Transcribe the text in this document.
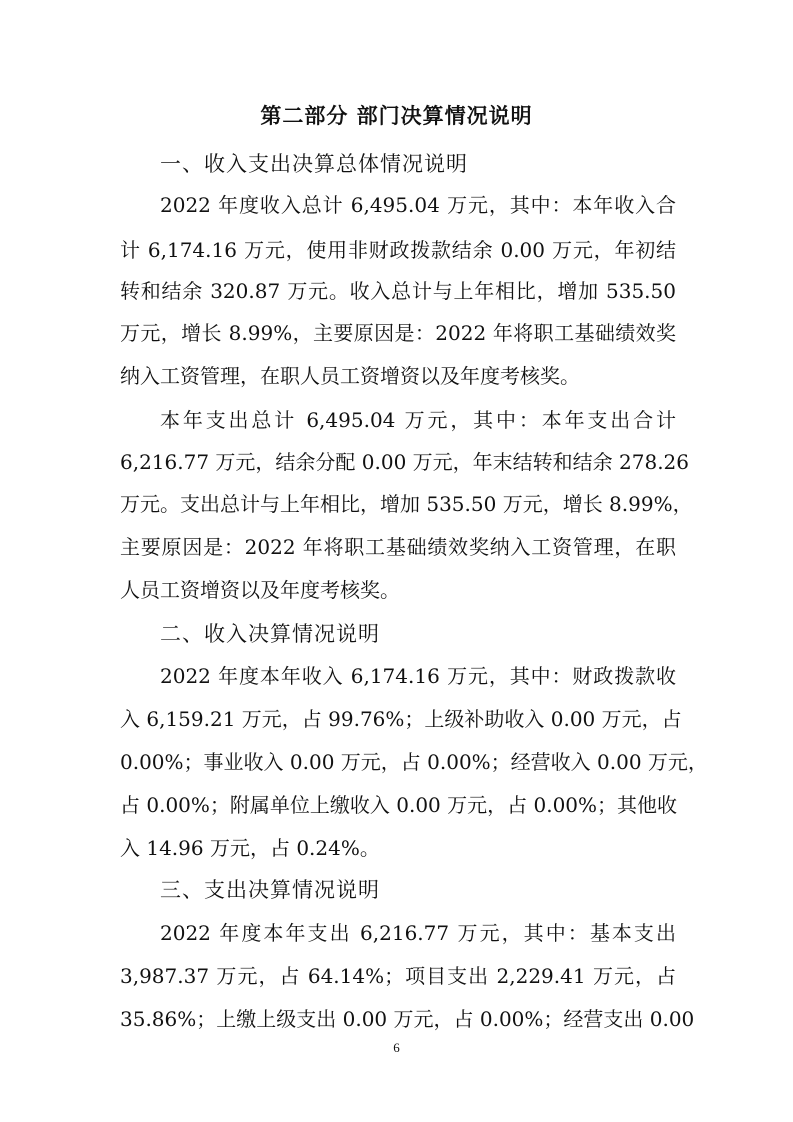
第二部分 部门决算情况说明
一、收入支出决算总体情况说明
2022 年度收入总计 6,495.04 万元，其中：本年收入合
计 6,174.16 万元，使用非财政拨款结余 0.00 万元，年初结
转和结余 320.87 万元。收入总计与上年相比，增加 535.50
万元，增长 8.99%，主要原因是：2022 年将职工基础绩效奖
纳入工资管理，在职人员工资增资以及年度考核奖。
本年支出总计 6,495.04 万元，其中：本年支出合计
6,216.77 万元，结余分配 0.00 万元，年末结转和结余 278.26
万元。支出总计与上年相比，增加 535.50 万元，增长 8.99%，
主要原因是：2022 年将职工基础绩效奖纳入工资管理，在职
人员工资增资以及年度考核奖。
二、收入决算情况说明
2022 年度本年收入 6,174.16 万元，其中：财政拨款收
入 6,159.21 万元，占 99.76%；上级补助收入 0.00 万元，占
0.00%；事业收入 0.00 万元，占 0.00%；经营收入 0.00 万元，
占 0.00%；附属单位上缴收入 0.00 万元，占 0.00%；其他收
入 14.96 万元，占 0.24%。
三、支出决算情况说明
2022 年度本年支出 6,216.77 万元，其中：基本支出
3,987.37 万元，占 64.14%；项目支出 2,229.41 万元，占
35.86%；上缴上级支出 0.00 万元，占 0.00%；经营支出 0.00
6
